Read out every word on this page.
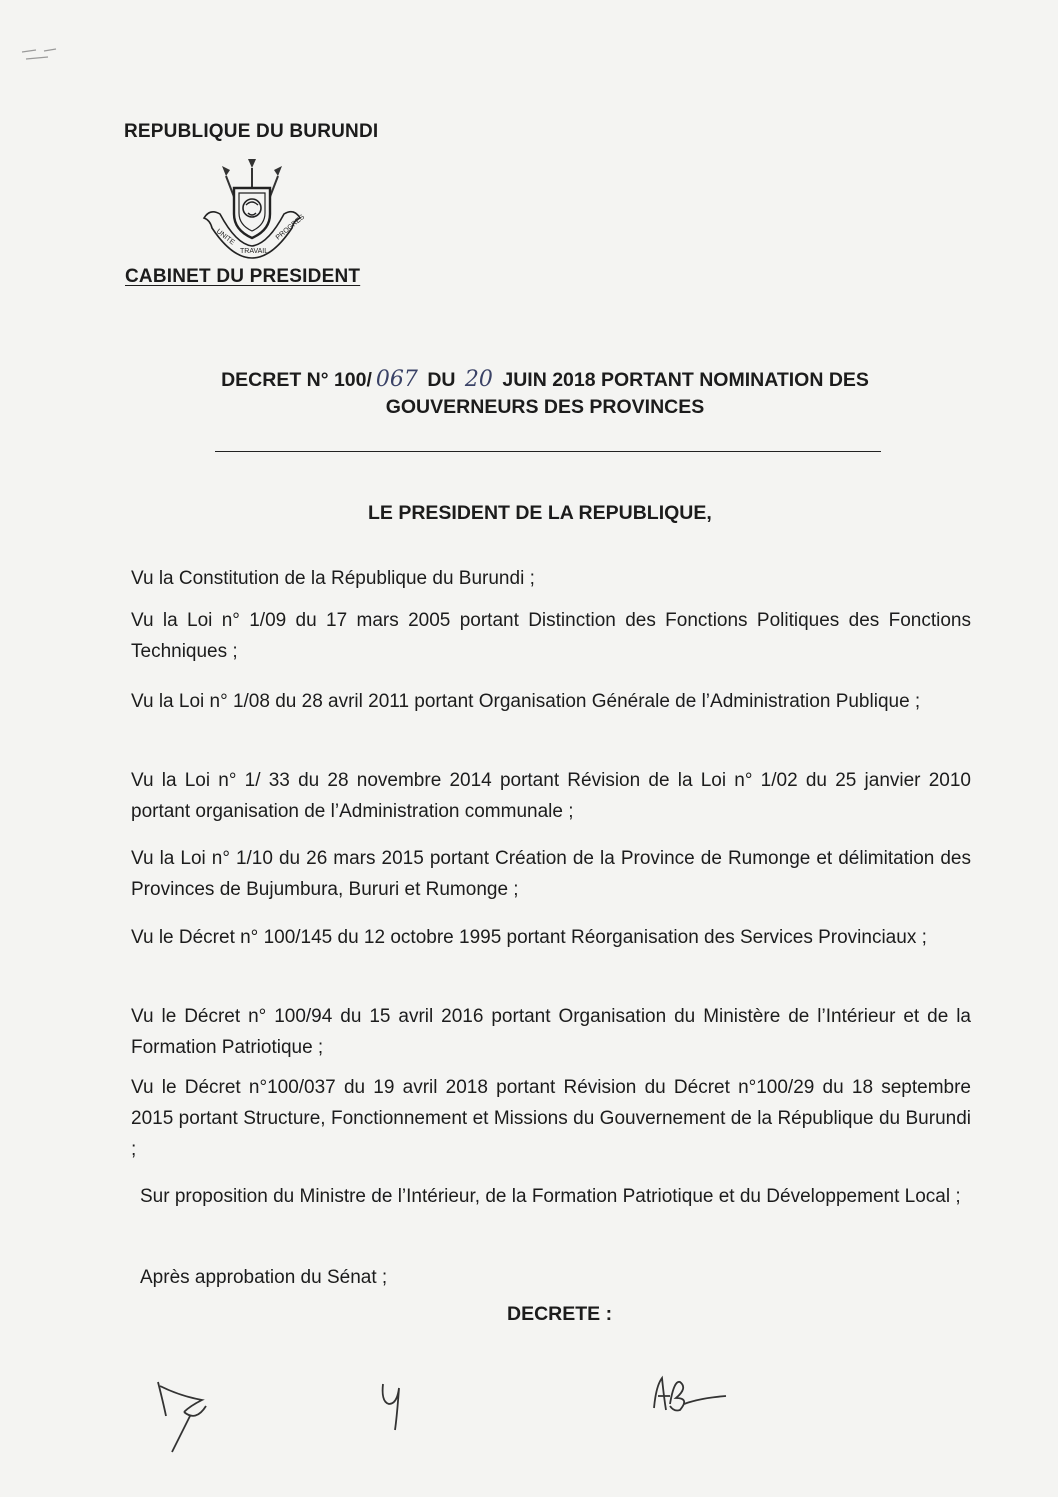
REPUBLIQUE DU BURUNDI
UNITE
TRAVAIL
PROGRES
CABINET DU PRESIDENT
DECRET N° 100/ 067 DU 20 JUIN 2018 PORTANT NOMINATION DES
GOUVERNEURS DES PROVINCES
LE PRESIDENT DE LA REPUBLIQUE,

Vu la Constitution de la République du Burundi ;

Vu la Loi n° 1/09 du 17 mars 2005 portant Distinction des Fonctions Politiques des Fonctions Techniques ;

Vu la Loi n° 1/08 du 28 avril 2011 portant Organisation Générale de l’Administration Publique ;

Vu la Loi n° 1/ 33 du 28 novembre 2014 portant Révision de la Loi n° 1/02 du 25 janvier 2010 portant organisation de l’Administration communale ;

Vu la Loi n° 1/10 du 26 mars 2015 portant Création de la Province de Rumonge et délimitation des Provinces de Bujumbura, Bururi et Rumonge ;

Vu le Décret n° 100/145 du 12 octobre 1995 portant Réorganisation des Services Provinciaux ;

Vu le Décret n° 100/94 du 15 avril 2016 portant Organisation du Ministère de l’Intérieur et de la Formation Patriotique ;

Vu le Décret n°100/037 du 19 avril 2018 portant Révision du Décret n°100/29 du 18 septembre 2015 portant Structure, Fonctionnement et Missions du Gouvernement de la République du Burundi ;

Sur proposition du Ministre de l’Intérieur, de la Formation Patriotique et du Développement Local ;

Après approbation du Sénat ;

DECRETE :
